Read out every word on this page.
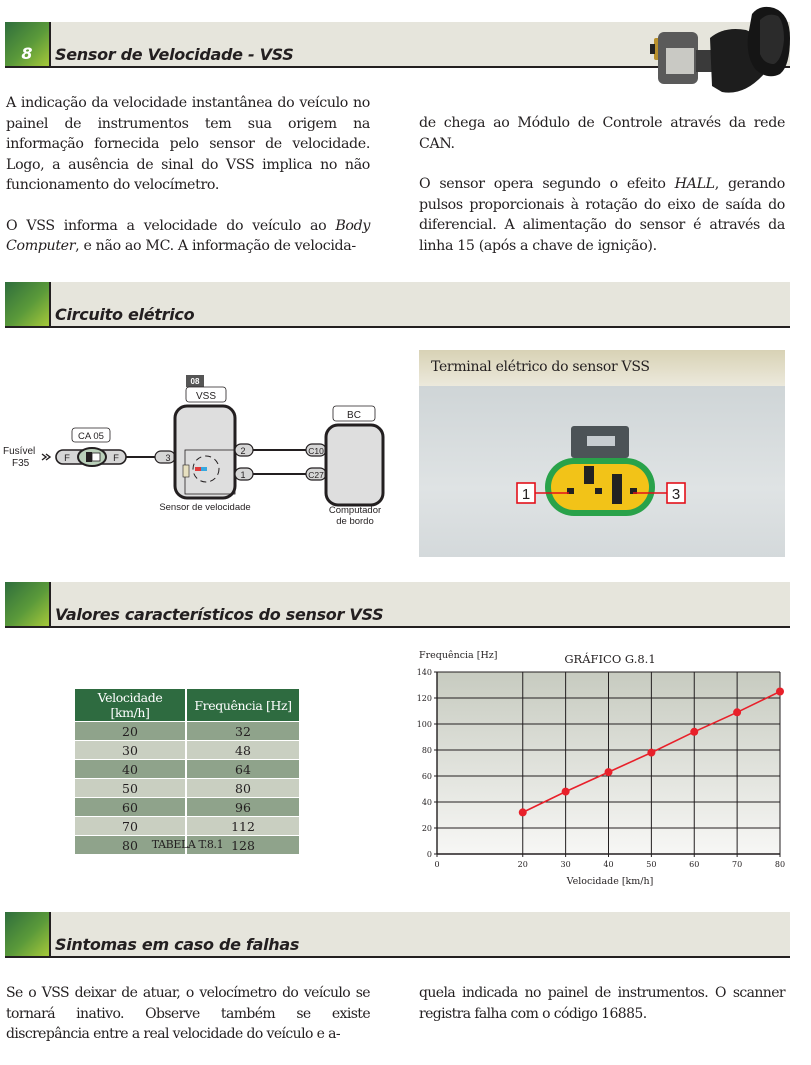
8	Sensor de Velocidade - VSS

A indicação da velocidade instantânea do veículo no painel de instrumentos tem sua origem na informação fornecida pelo sensor de velocidade. Logo, a ausência de sinal do VSS implica no não funcionamento do velocímetro.

O VSS informa a velocidade do veículo ao Body Computer, e não ao MC. A informação de velocida-

de chega ao Módulo de Controle através da rede CAN.

O sensor opera segundo o efeito HALL, gerando pulsos proporcionais à rotação do eixo de saída do diferencial. A alimentação do sensor é através da linha 15 (após a chave de ignição).

Circuito elétrico
Fusível
F35
CA 05
F	F	3
08
VSS
Sensor de velocidade
2
1
BC
C10
C27
Computador
de bordo
Terminal elétrico do sensor VSS
1	3
Valores característicos do sensor VSS
Velocidade [km/h]	Frequência [Hz]
20	32
30	48
40	64
50	80
60	96
70	112
80	128
TABELA T.8.1
Frequência [Hz]	GRÁFICO G.8.1
Velocidade [km/h]
0	20	30	40	50	60	70	80
0
20
40
60
80
100
120
140
Sintomas em caso de falhas

Se o VSS deixar de atuar, o velocímetro do veículo se tornará inativo. Observe também se existe discrepância entre a real velocidade do veículo e a-

quela indicada no painel de instrumentos. O scanner registra falha com o código 16885.
